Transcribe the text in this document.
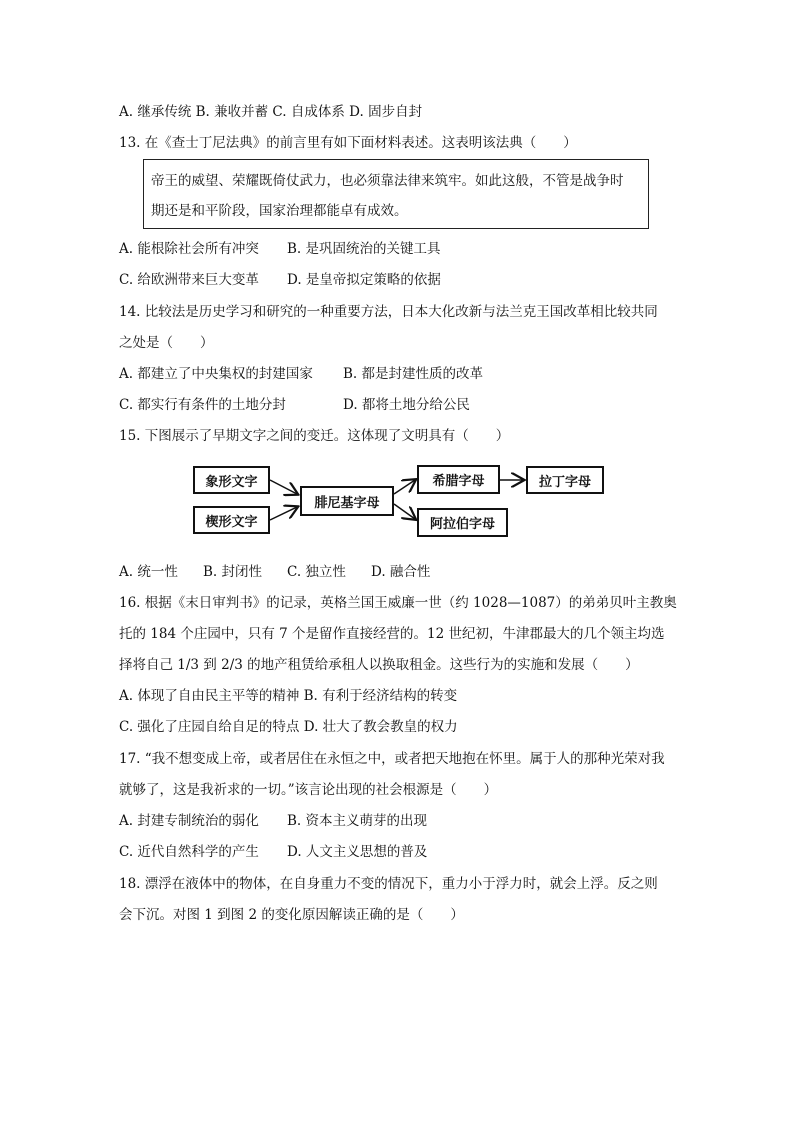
A. 继承传统 B. 兼收并蓄 C. 自成体系 D. 固步自封
13. 在《查士丁尼法典》的前言里有如下面材料表述。这表明该法典（　　）
帝王的威望、荣耀既倚仗武力，也必须靠法律来筑牢。如此这般，不管是战争时
期还是和平阶段，国家治理都能卓有成效。
A. 能根除社会所有冲突 B. 是巩固统治的关键工具
C. 给欧洲带来巨大变革 D. 是皇帝拟定策略的依据
14. 比较法是历史学习和研究的一种重要方法，日本大化改新与法兰克王国改革相比较共同
之处是（　　）
A. 都建立了中央集权的封建国家 B. 都是封建性质的改革
C. 都实行有条件的土地分封	D. 都将土地分给公民
15. 下图展示了早期文字之间的变迁。这体现了文明具有（　　）
象形文字
楔形文字
腓尼基字母
希腊字母
阿拉伯字母
拉丁字母
A. 统一性 B. 封闭性 C. 独立性 D. 融合性
16. 根据《末日审判书》的记录，英格兰国王威廉一世（约 1028—1087）的弟弟贝叶主教奥
托的 184 个庄园中，只有 7 个是留作直接经营的。12 世纪初，牛津郡最大的几个领主均选
择将自己 1/3 到 2/3 的地产租赁给承租人以换取租金。这些行为的实施和发展（　　）
A. 体现了自由民主平等的精神 B. 有利于经济结构的转变
C. 强化了庄园自给自足的特点 D. 壮大了教会教皇的权力
17. “我不想变成上帝，或者居住在永恒之中，或者把天地抱在怀里。属于人的那种光荣对我
就够了，这是我祈求的一切。”该言论出现的社会根源是（　　）
A. 封建专制统治的弱化 B. 资本主义萌芽的出现
C. 近代自然科学的产生 D. 人文主义思想的普及
18. 漂浮在液体中的物体，在自身重力不变的情况下，重力小于浮力时，就会上浮。反之则
会下沉。对图 1 到图 2 的变化原因解读正确的是（　　）
